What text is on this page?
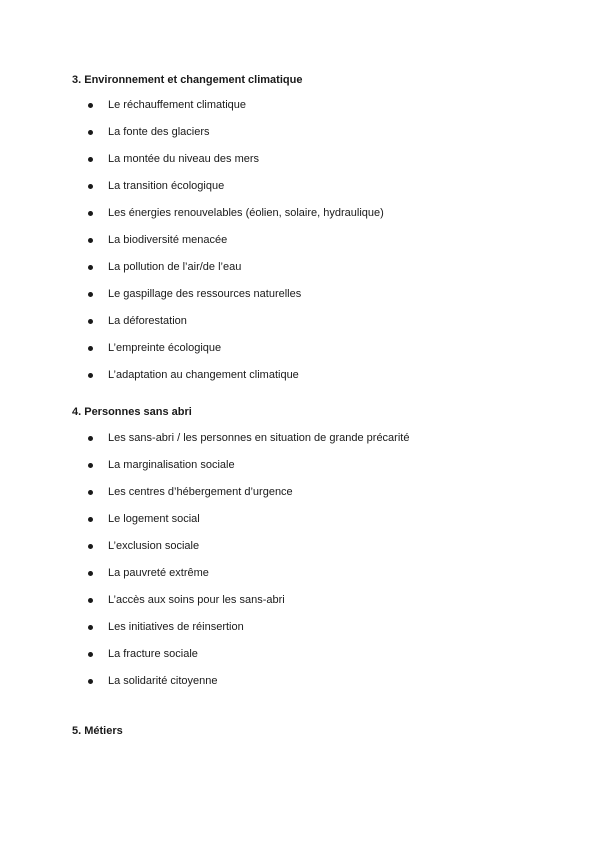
3. Environnement et changement climatique
Le réchauffement climatique
La fonte des glaciers
La montée du niveau des mers
La transition écologique
Les énergies renouvelables (éolien, solaire, hydraulique)
La biodiversité menacée
La pollution de l’air/de l’eau
Le gaspillage des ressources naturelles
La déforestation
L’empreinte écologique
L’adaptation au changement climatique
4. Personnes sans abri
Les sans-abri / les personnes en situation de grande précarité
La marginalisation sociale
Les centres d’hébergement d’urgence
Le logement social
L’exclusion sociale
La pauvreté extrême
L’accès aux soins pour les sans-abri
Les initiatives de réinsertion
La fracture sociale
La solidarité citoyenne
5. Métiers
